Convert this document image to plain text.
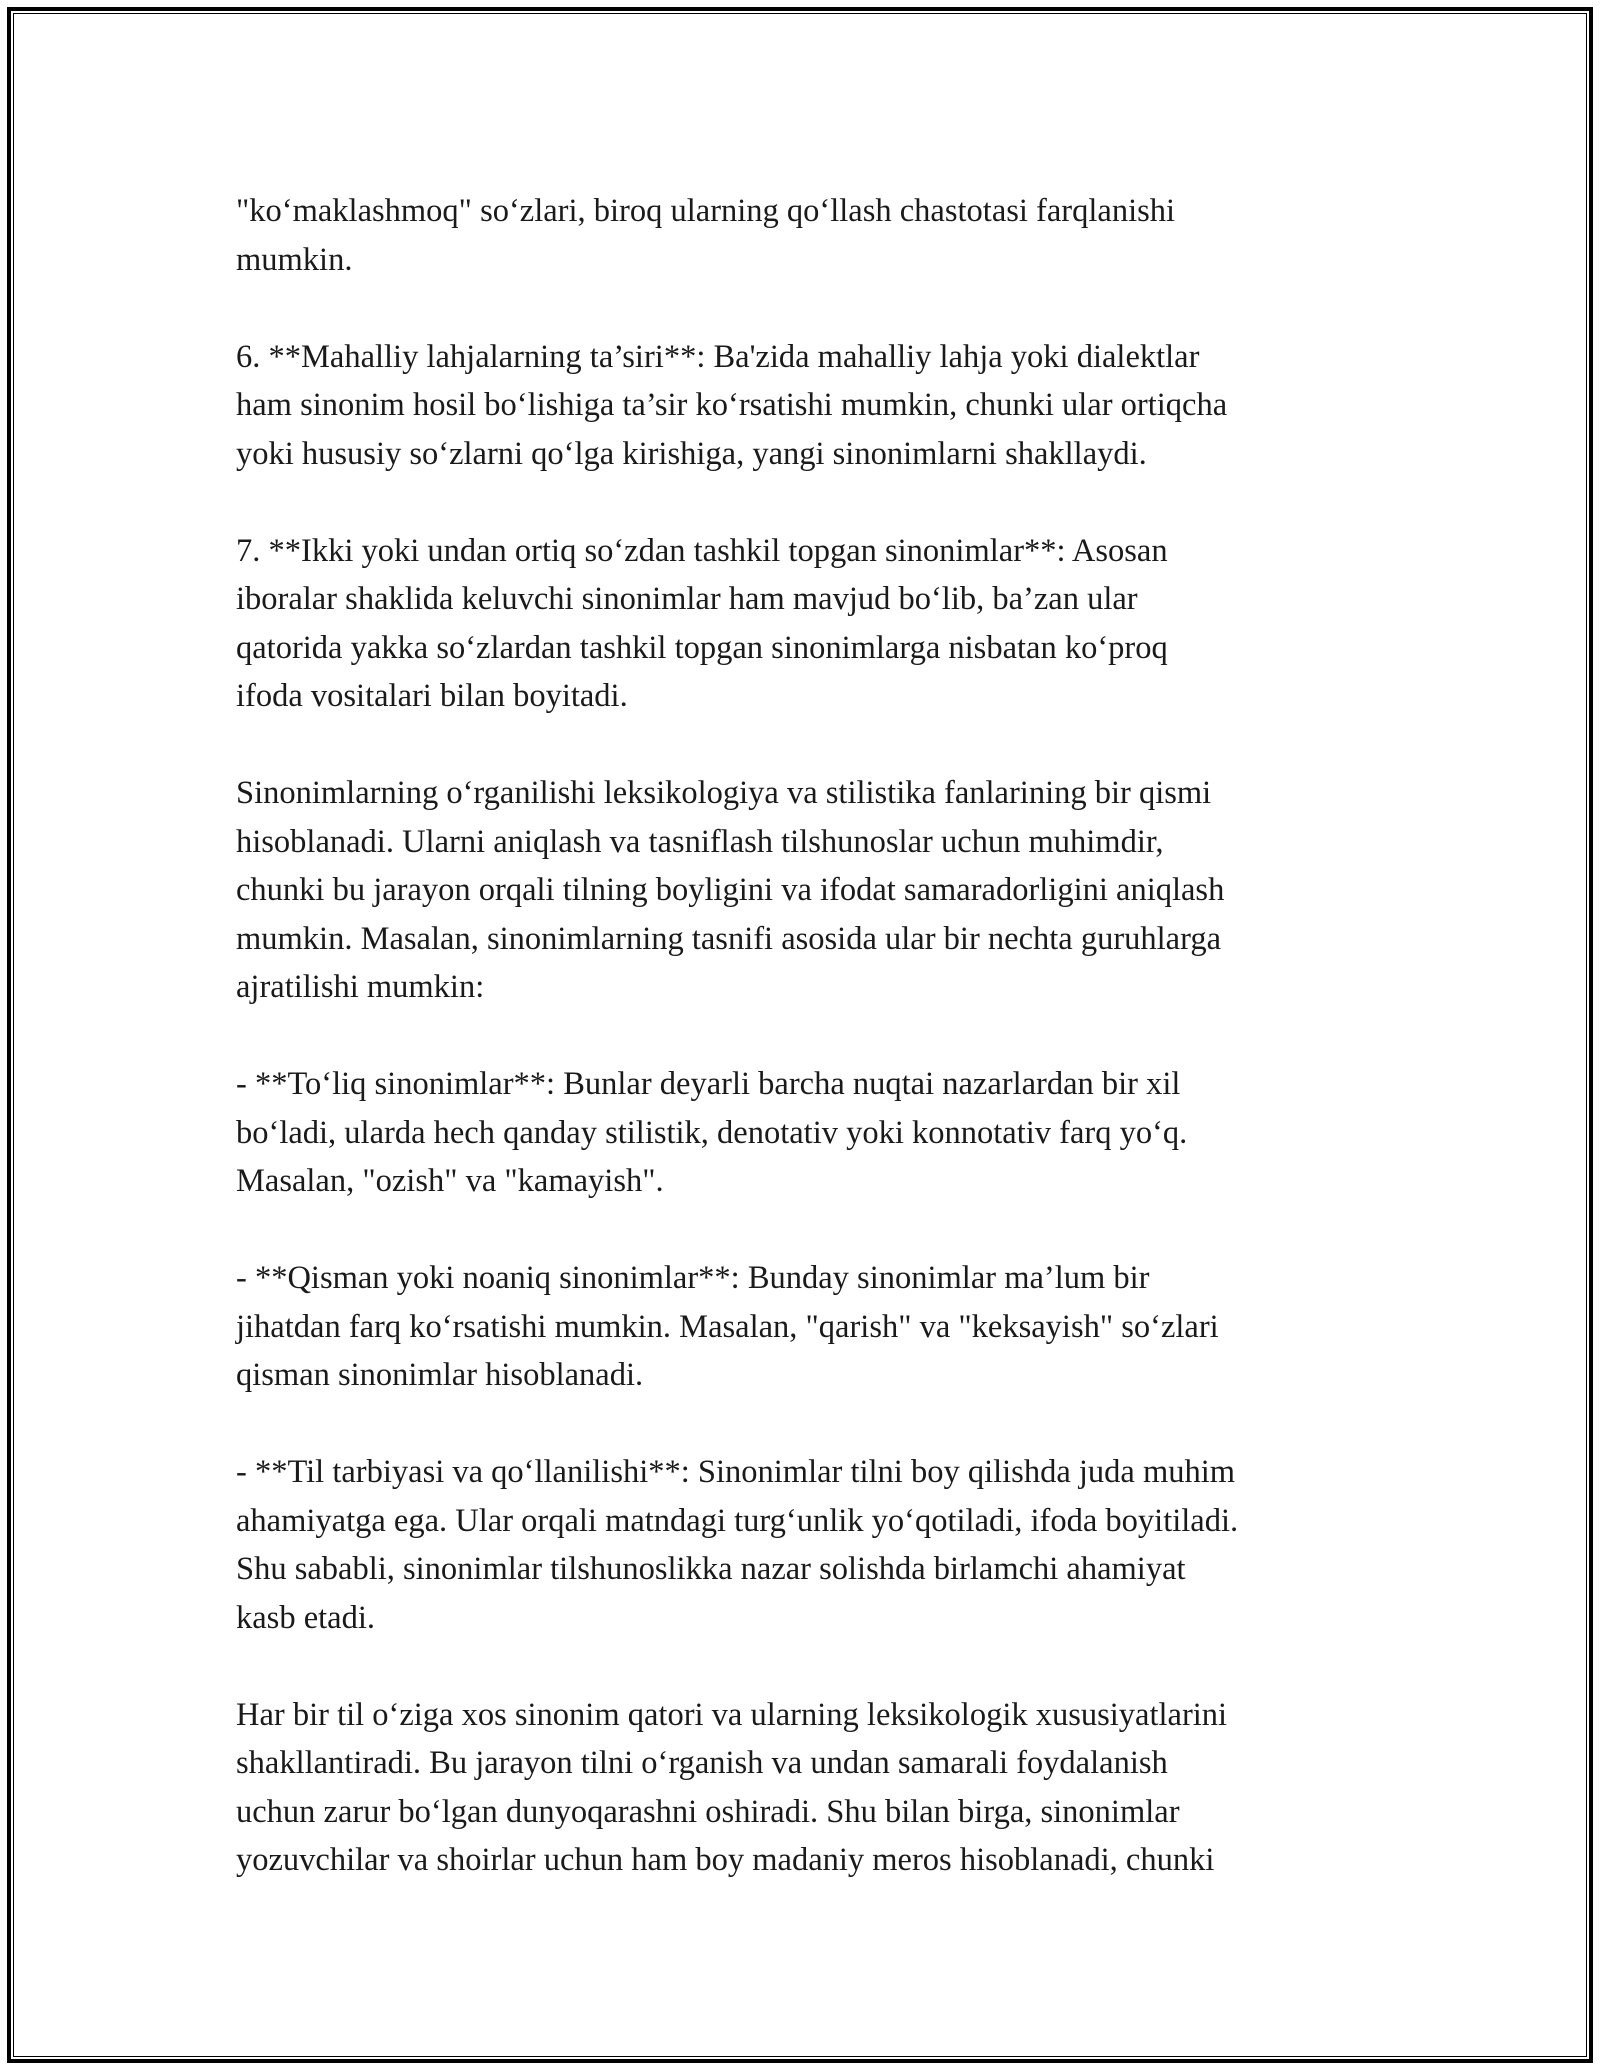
"ko‘maklashmoq" so‘zlari, biroq ularning qo‘llash chastotasi farqlanishi
mumkin.

6. **Mahalliy lahjalarning ta’siri**: Ba'zida mahalliy lahja yoki dialektlar
ham sinonim hosil bo‘lishiga ta’sir ko‘rsatishi mumkin, chunki ular ortiqcha
yoki hususiy so‘zlarni qo‘lga kirishiga, yangi sinonimlarni shakllaydi.

7. **Ikki yoki undan ortiq so‘zdan tashkil topgan sinonimlar**: Asosan
iboralar shaklida keluvchi sinonimlar ham mavjud bo‘lib, ba’zan ular
qatorida yakka so‘zlardan tashkil topgan sinonimlarga nisbatan ko‘proq
ifoda vositalari bilan boyitadi.

Sinonimlarning o‘rganilishi leksikologiya va stilistika fanlarining bir qismi
hisoblanadi. Ularni aniqlash va tasniflash tilshunoslar uchun muhimdir,
chunki bu jarayon orqali tilning boyligini va ifodat samaradorligini aniqlash
mumkin. Masalan, sinonimlarning tasnifi asosida ular bir nechta guruhlarga
ajratilishi mumkin:

- **To‘liq sinonimlar**: Bunlar deyarli barcha nuqtai nazarlardan bir xil
bo‘ladi, ularda hech qanday stilistik, denotativ yoki konnotativ farq yo‘q.
Masalan, "ozish" va "kamayish".

- **Qisman yoki noaniq sinonimlar**: Bunday sinonimlar ma’lum bir
jihatdan farq ko‘rsatishi mumkin. Masalan, "qarish" va "keksayish" so‘zlari
qisman sinonimlar hisoblanadi.

- **Til tarbiyasi va qo‘llanilishi**: Sinonimlar tilni boy qilishda juda muhim
ahamiyatga ega. Ular orqali matndagi turg‘unlik yo‘qotiladi, ifoda boyitiladi.
Shu sababli, sinonimlar tilshunoslikka nazar solishda birlamchi ahamiyat
kasb etadi.

Har bir til o‘ziga xos sinonim qatori va ularning leksikologik xususiyatlarini
shakllantiradi. Bu jarayon tilni o‘rganish va undan samarali foydalanish
uchun zarur bo‘lgan dunyoqarashni oshiradi. Shu bilan birga, sinonimlar
yozuvchilar va shoirlar uchun ham boy madaniy meros hisoblanadi, chunki
